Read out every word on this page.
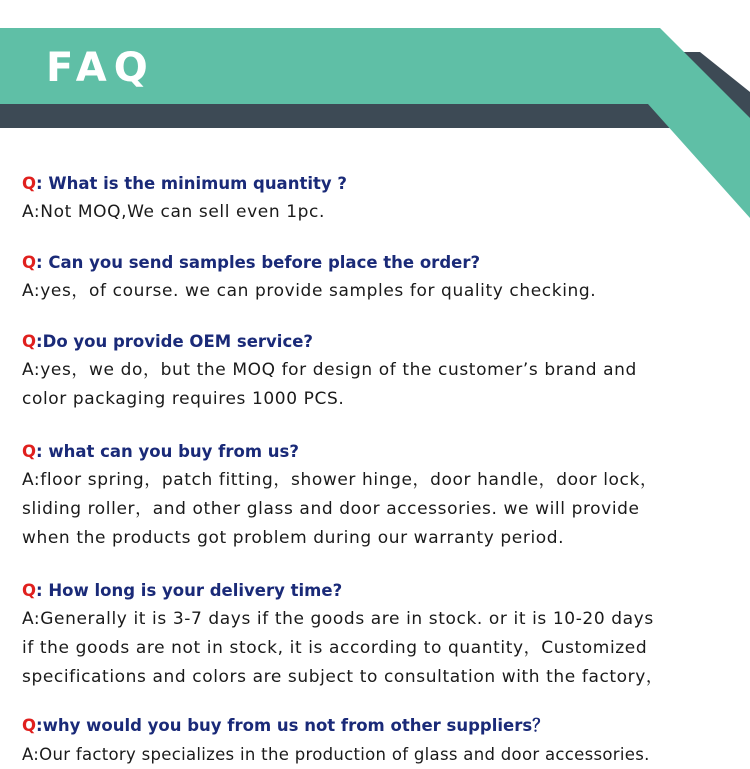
FAQ
Q: What is the minimum quantity ?
A:Not MOQ,We can sell even 1pc.
Q: Can you send samples before place the order?
A:yes，of course. we can provide samples for quality checking.
Q:Do you provide OEM service?
A:yes，we do，but the MOQ for design of the customer’s brand and
color packaging requires 1000 PCS.
Q: what can you buy from us?
A:floor spring，patch fitting，shower hinge，door handle，door lock，
sliding roller，and other glass and door accessories. we will provide
when the products got problem during our warranty period.
Q: How long is your delivery time?
A:Generally it is 3-7 days if the goods are in stock. or it is 10-20 days
if the goods are not in stock, it is according to quantity，Customized
specifications and colors are subject to consultation with the factory，
Q:why would you buy from us not from other suppliers？
A:Our factory specializes in the production of glass and door accessories.
